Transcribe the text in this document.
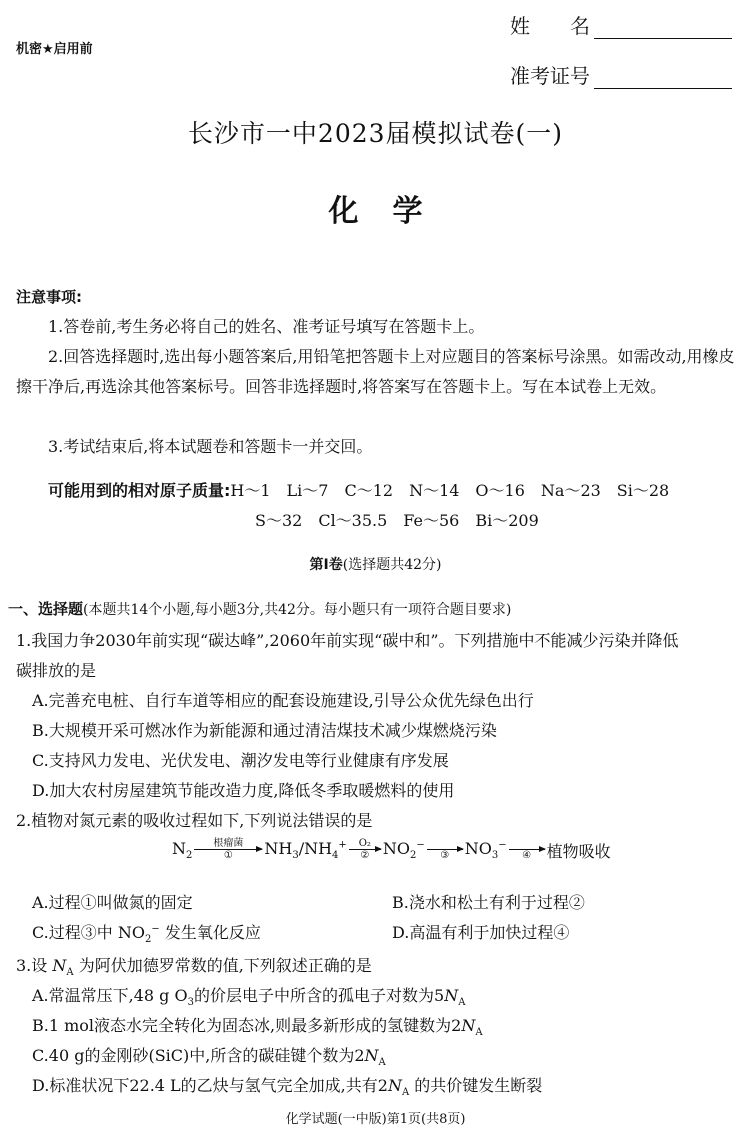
机密★启用前
姓　　名
准考证号
长沙市一中2023届模拟试卷(一)
化学
注意事项:
1.答卷前,考生务必将自己的姓名、准考证号填写在答题卡上。
2.回答选择题时,选出每小题答案后,用铅笔把答题卡上对应题目的答案标号涂黑。如需改动,用橡皮擦干净后,再选涂其他答案标号。回答非选择题时,将答案写在答题卡上。写在本试卷上无效。
3.考试结束后,将本试题卷和答题卡一并交回。
可能用到的相对原子质量:H～1　Li～7　C～12　N～14　O～16　Na～23　Si～28
S～32　Cl～35.5　Fe～56　Bi～209
第Ⅰ卷(选择题共42分)
一、选择题(本题共14个小题,每小题3分,共42分。每小题只有一项符合题目要求)
1.我国力争2030年前实现“碳达峰”,2060年前实现“碳中和”。下列措施中不能减少污染并降低
碳排放的是
A.完善充电桩、自行车道等相应的配套设施建设,引导公众优先绿色出行
B.大规模开采可燃冰作为新能源和通过清洁煤技术减少煤燃烧污染
C.支持风力发电、光伏发电、潮汐发电等行业健康有序发展
D.加大农村房屋建筑节能改造力度,降低冬季取暖燃料的使用
2.植物对氮元素的吸收过程如下,下列说法错误的是
$N_2$
根瘤菌
① $NH_3/NH_4^+$ O₂
② $NO_2^-$
③ $NO_3^-$
④ 植物吸收
A.过程①叫做氮的固定	B.浇水和松土有利于过程②
C.过程③中 $NO_2^-$ 发生氧化反应	D.高温有利于加快过程④
3.设 $N_A$ 为阿伏加德罗常数的值,下列叙述正确的是
A.常温常压下,48 g $O_3$的价层电子中所含的孤电子对数为$5N_A$
B.1 mol液态水完全转化为固态冰,则最多新形成的氢键数为$2N_A$
C.40 g的金刚砂(SiC)中,所含的碳硅键个数为$2N_A$
D.标准状况下22.4 L的乙炔与氢气完全加成,共有$2N_A$ 的共价键发生断裂
化学试题(一中版)第1页(共8页)
